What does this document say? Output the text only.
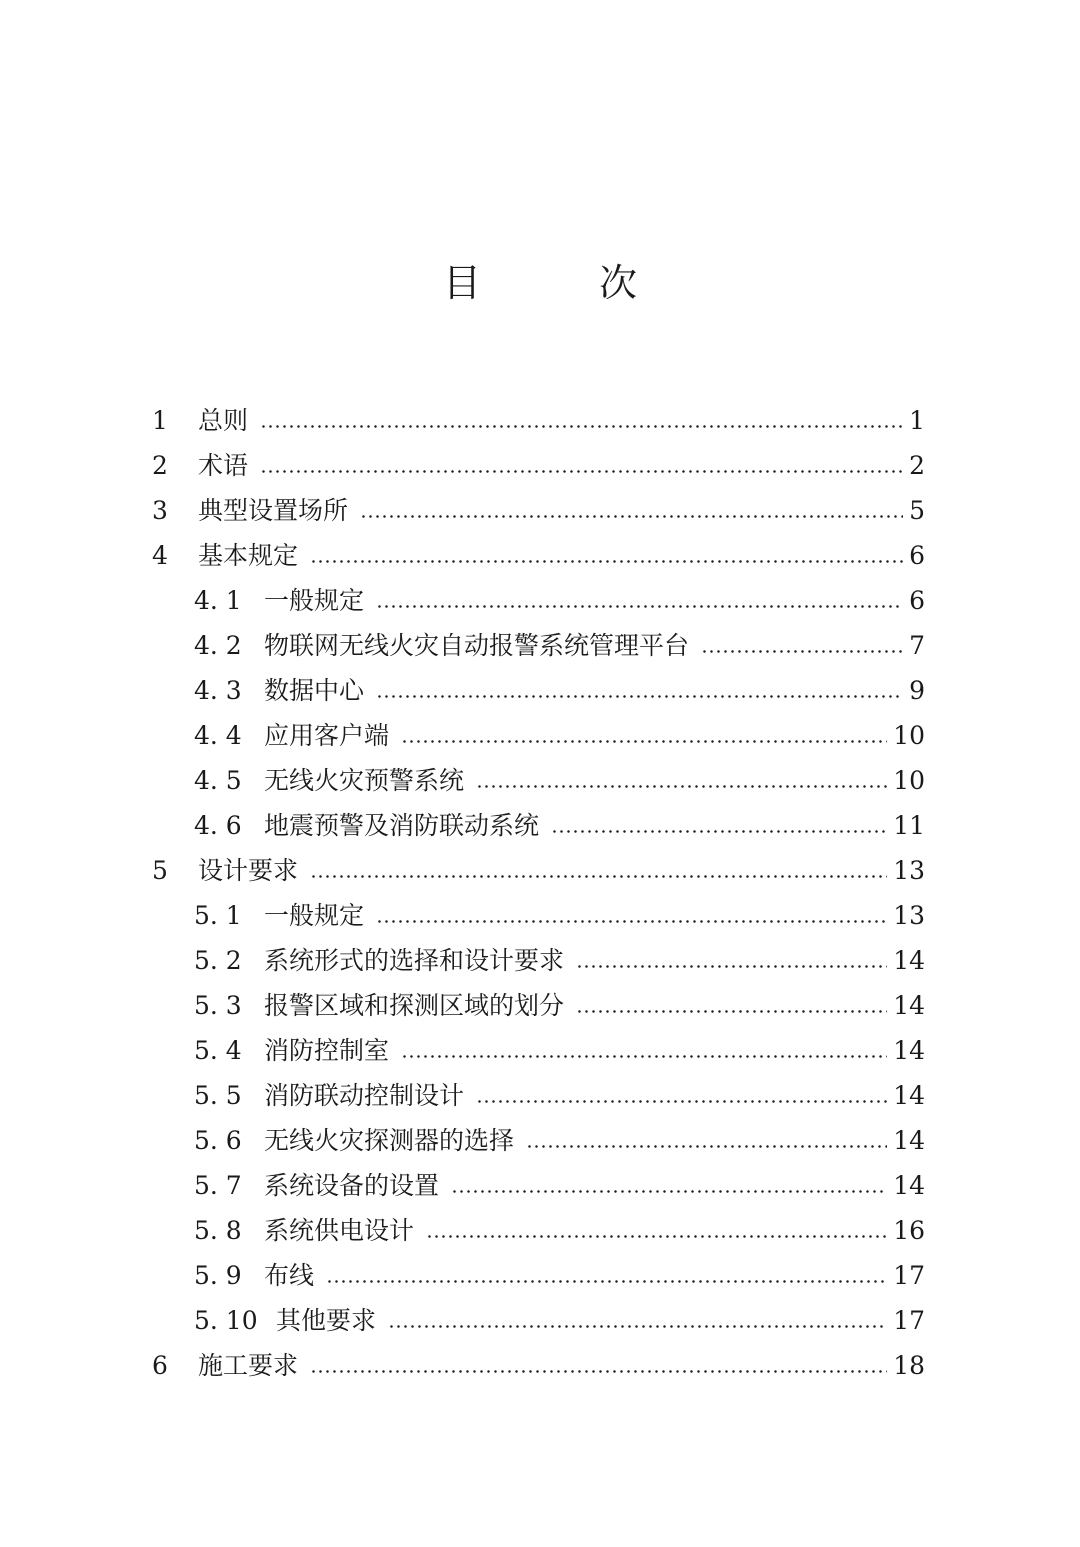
目　次
1	总则	1
2	术语	2
3	典型设置场所	5
4	基本规定	6
4. 1 一般规定	6
4. 2 物联网无线火灾自动报警系统管理平台	7
4. 3 数据中心	9
4. 4 应用客户端	10
4. 5 无线火灾预警系统	10
4. 6 地震预警及消防联动系统	11
5	设计要求	13
5. 1 一般规定	13
5. 2 系统形式的选择和设计要求	14
5. 3 报警区域和探测区域的划分	14
5. 4 消防控制室	14
5. 5 消防联动控制设计	14
5. 6 无线火灾探测器的选择	14
5. 7 系统设备的设置	14
5. 8 系统供电设计	16
5. 9 布线	17
5. 10 其他要求	17
6	施工要求	18
